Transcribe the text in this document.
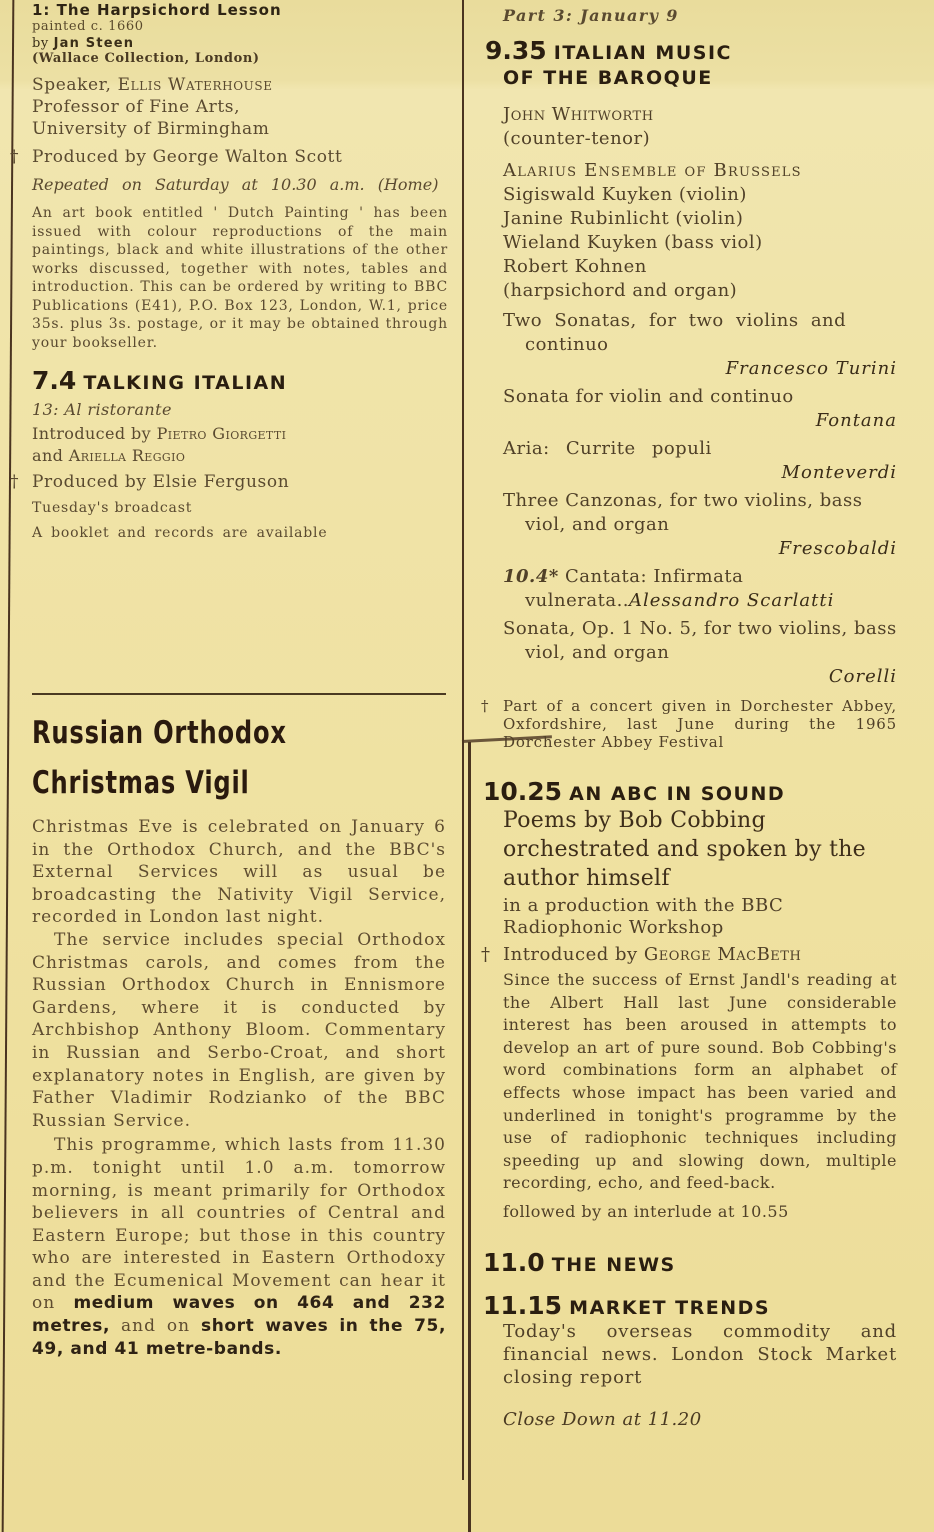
1: The Harpsichord Lesson

painted c. 1660

by Jan Steen

(Wallace Collection, London)

Speaker, Ellis Waterhouse

Professor of Fine Arts,

University of Birmingham

† Produced by George Walton Scott

Repeated on Saturday at 10.30 a.m. (Home)

An art book entitled ' Dutch Painting ' has been issued with colour reproductions of the main paintings, black and white illustrations of the other works discussed, together with notes, tables and introduction. This can be ordered by writing to BBC Publications (E41), P.O. Box 123, London, W.1, price 35s. plus 3s. postage, or it may be obtained through your bookseller.

7.4 TALKING ITALIAN

13: Al ristorante

Introduced by Pietro Giorgetti

and Ariella Reggio

† Produced by Elsie Ferguson

Tuesday's broadcast

A booklet and records are available

Russian Orthodox

Christmas Vigil

Christmas Eve is celebrated on January 6 in the Orthodox Church, and the BBC's External Services will as usual be broadcasting the Nativity Vigil Service, recorded in London last night.

The service includes special Orthodox Christmas carols, and comes from the Russian Orthodox Church in Ennismore Gardens, where it is conducted by Archbishop Anthony Bloom. Commentary in Russian and Serbo-Croat, and short explanatory notes in English, are given by Father Vladimir Rodzianko of the BBC Russian Service.

This programme, which lasts from 11.30 p.m. tonight until 1.0 a.m. tomorrow morning, is meant primarily for Orthodox believers in all countries of Central and Eastern Europe; but those in this country who are interested in Eastern Orthodoxy and the Ecumenical Movement can hear it on medium waves on 464 and 232 metres, and on short waves in the 75, 49, and 41 metre-bands.

Part 3: January 9

9.35 ITALIAN MUSIC
OF THE BAROQUE

John Whitworth

(counter-tenor)

Alarius Ensemble of Brussels

Sigiswald Kuyken (violin)

Janine Rubinlicht (violin)

Wieland Kuyken (bass viol)

Robert Kohnen

(harpsichord and organ)

Two Sonatas, for two violins and continuo

Francesco Turini

Sonata for violin and continuo

Fontana

Aria: Currite populi

Monteverdi

Three Canzonas, for two violins, bass viol, and organ

Frescobaldi

10.4* Cantata: Infirmata vulnerata..Alessandro Scarlatti

Sonata, Op. 1 No. 5, for two violins, bass viol, and organ

Corelli

† Part of a concert given in Dorchester Abbey, Oxfordshire, last June during the 1965 Dorchester Abbey Festival

10.25 AN ABC IN SOUND

Poems by Bob Cobbing orchestrated and spoken by the author himself

in a production with the BBC Radiophonic Workshop

† Introduced by George MacBeth

Since the success of Ernst Jandl's reading at the Albert Hall last June considerable interest has been aroused in attempts to develop an art of pure sound. Bob Cobbing's word combinations form an alphabet of effects whose impact has been varied and underlined in tonight's programme by the use of radiophonic techniques including speeding up and slowing down, multiple recording, echo, and feed-back.

followed by an interlude at 10.55

11.0 THE NEWS
11.15 MARKET TRENDS

Today's overseas commodity and financial news. London Stock Market closing report

Close Down at 11.20
